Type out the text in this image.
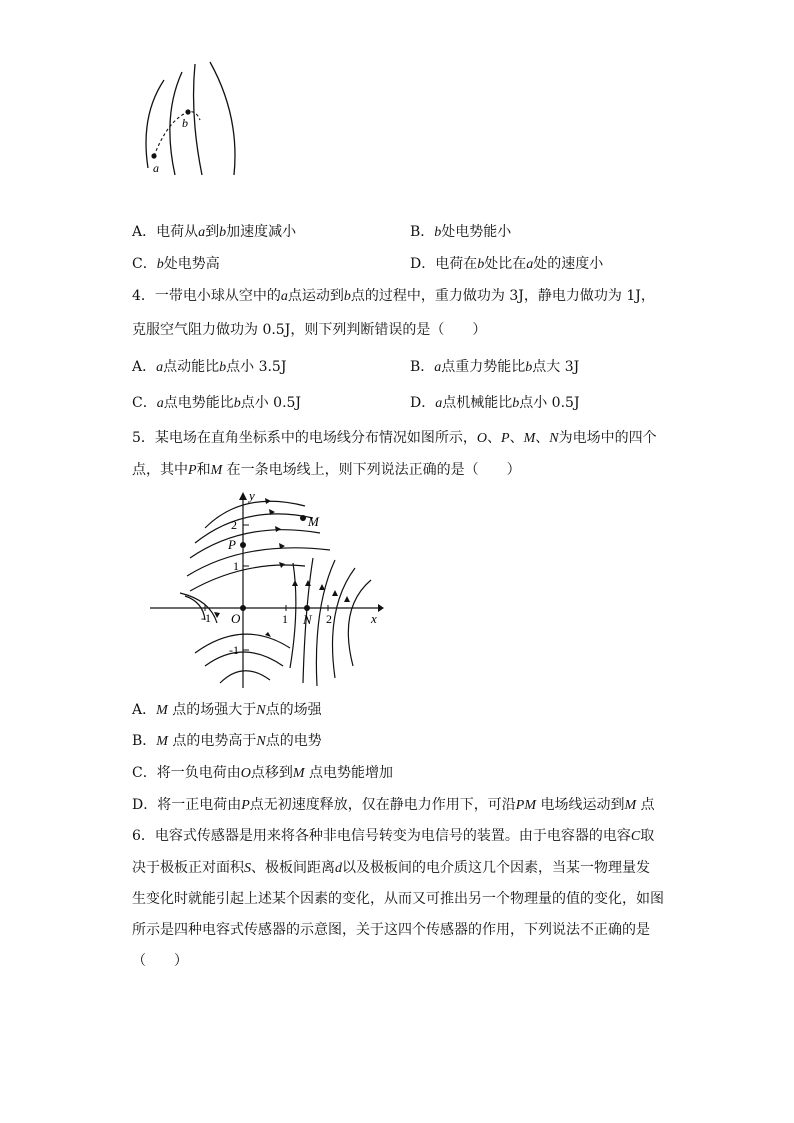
a
b
A．电荷从a到b加速度减小	B．b处电势能小
C．b处电势高	D．电荷在b处比在a处的速度小
4．一带电小球从空中的a点运动到b点的过程中，重力做功为 3J，静电力做功为 1J，
克服空气阻力做功为 0.5J，则下列判断错误的是（　　）
A．a点动能比b点小 3.5J	B．a点重力势能比b点大 3J
C．a点电势能比b点小 0.5J	D．a点机械能比b点小 0.5J
5．某电场在直角坐标系中的电场线分布情况如图所示，O、P、M、N为电场中的四个
点，其中P和M 在一条电场线上，则下列说法正确的是（　　）
x
y
-1	1	2
2
1
-1
O
P
M
N
A．M 点的场强大于N点的场强
B．M 点的电势高于N点的电势
C．将一负电荷由O点移到M 点电势能增加
D．将一正电荷由P点无初速度释放，仅在静电力作用下，可沿PM 电场线运动到M 点
6．电容式传感器是用来将各种非电信号转变为电信号的装置。由于电容器的电容C取
决于极板正对面积S、极板间距离d以及极板间的电介质这几个因素，当某一物理量发
生变化时就能引起上述某个因素的变化，从而又可推出另一个物理量的值的变化，如图
所示是四种电容式传感器的示意图，关于这四个传感器的作用，下列说法不正确的是
（　　）
